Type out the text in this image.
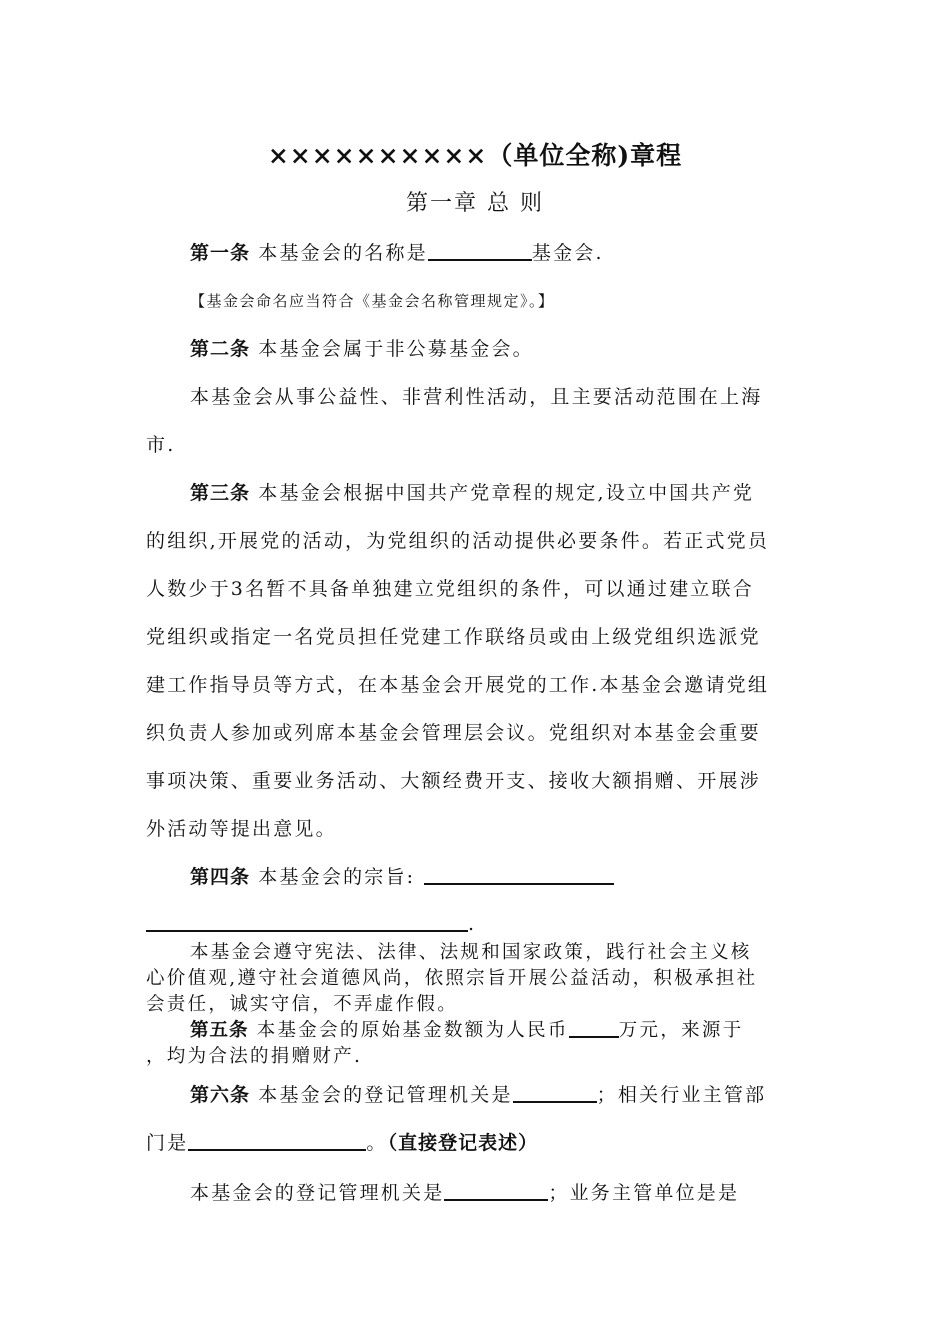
××××××××××（单位全称)章程
第一章 总 则
第一条 本基金会的名称是	基金会.
【基金会命名应当符合《基金会名称管理规定》。】
第二条 本基金会属于非公募基金会。
本基金会从事公益性、非营利性活动，且主要活动范围在上海
市.
第三条 本基金会根据中国共产党章程的规定,设立中国共产党
的组织,开展党的活动，为党组织的活动提供必要条件。若正式党员
人数少于3名暂不具备单独建立党组织的条件，可以通过建立联合
党组织或指定一名党员担任党建工作联络员或由上级党组织选派党
建工作指导员等方式，在本基金会开展党的工作.本基金会邀请党组
织负责人参加或列席本基金会管理层会议。党组织对本基金会重要
事项决策、重要业务活动、大额经费开支、接收大额捐赠、开展涉
外活动等提出意见。
第四条 本基金会的宗旨:
.
本基金会遵守宪法、法律、法规和国家政策，践行社会主义核
心价值观,遵守社会道德风尚，依照宗旨开展公益活动，积极承担社
会责任，诚实守信，不弄虚作假。
第五条 本基金会的原始基金数额为人民币	万元，来源于
，均为合法的捐赠财产.
第六条 本基金会的登记管理机关是	；相关行业主管部
门是	。（直接登记表述）
本基金会的登记管理机关是	；业务主管单位是是
